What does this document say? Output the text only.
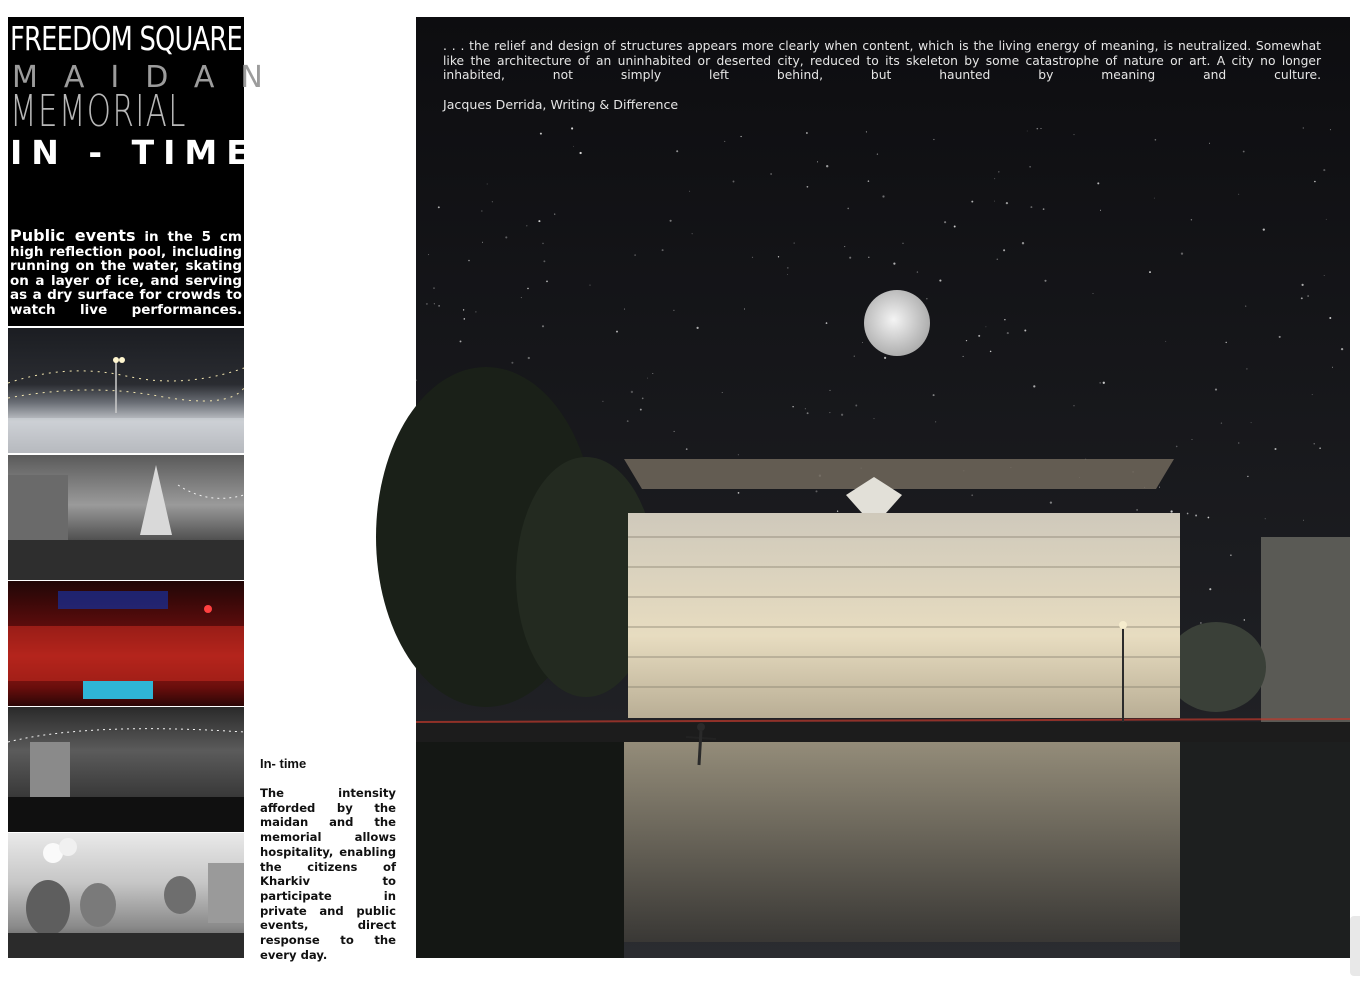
FREEDOM SQUARE
MAIDAN
MEMORIAL
IN - TIME
Public events in the 5 cm high reflection pool, including running on the water, skating on a layer of ice, and serving as a dry surface for crowds to watch live performances.
In- time
The intensity afforded by the maidan and the memorial allows hospitality, enabling the citizens of Kharkiv to participate in private and public events, direct response to the every day.
. . . the relief and design of structures appears more clearly when content, which is the living energy of meaning, is neutralized. Somewhat like the architecture of an uninhabited or deserted city, reduced to its skeleton by some catastrophe of nature or art. A city no longer inhabited, not simply left behind, but haunted by meaning and culture.
Jacques Derrida, Writing & Difference
